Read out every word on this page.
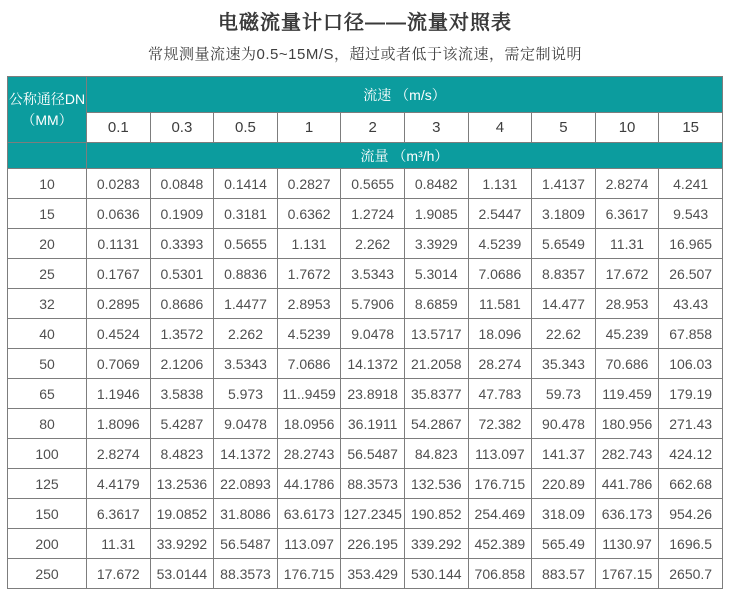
电磁流量计口径——流量对照表
常规测量流速为0.5~15M/S，超过或者低于该流速，需定制说明
公称通径DN
（MM）	流速 （m/s）									
	0.1	0.3	0.5	1	2	3	4	5	10	15
	流量 （m³/h）									
10	0.0283	0.0848	0.1414	0.2827	0.5655	0.8482	1.131	1.4137	2.8274	4.241
15	0.0636	0.1909	0.3181	0.6362	1.2724	1.9085	2.5447	3.1809	6.3617	9.543
20	0.1131	0.3393	0.5655	1.131	2.262	3.3929	4.5239	5.6549	11.31	16.965
25	0.1767	0.5301	0.8836	1.7672	3.5343	5.3014	7.0686	8.8357	17.672	26.507
32	0.2895	0.8686	1.4477	2.8953	5.7906	8.6859	11.581	14.477	28.953	43.43
40	0.4524	1.3572	2.262	4.5239	9.0478	13.5717	18.096	22.62	45.239	67.858
50	0.7069	2.1206	3.5343	7.0686	14.1372	21.2058	28.274	35.343	70.686	106.03
65	1.1946	3.5838	5.973	11..9459	23.8918	35.8377	47.783	59.73	119.459	179.19
80	1.8096	5.4287	9.0478	18.0956	36.1911	54.2867	72.382	90.478	180.956	271.43
100	2.8274	8.4823	14.1372	28.2743	56.5487	84.823	113.097	141.37	282.743	424.12
125	4.4179	13.2536	22.0893	44.1786	88.3573	132.536	176.715	220.89	441.786	662.68
150	6.3617	19.0852	31.8086	63.6173	127.2345	190.852	254.469	318.09	636.173	954.26
200	11.31	33.9292	56.5487	113.097	226.195	339.292	452.389	565.49	1130.97	1696.5
250	17.672	53.0144	88.3573	176.715	353.429	530.144	706.858	883.57	1767.15	2650.7
